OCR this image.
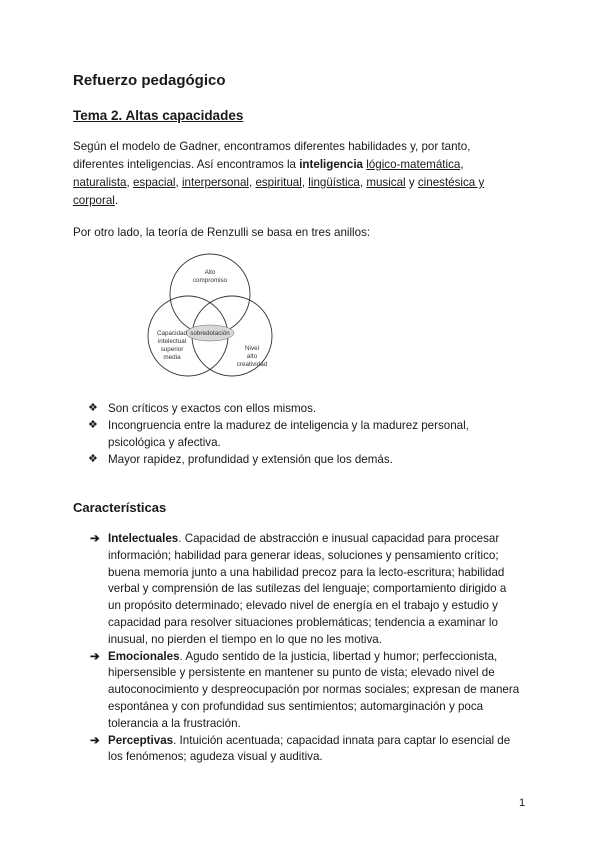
Refuerzo pedagógico
Tema 2. Altas capacidades
Según el modelo de Gadner, encontramos diferentes habilidades y, por tanto,
diferentes inteligencias. Así encontramos la inteligencia lógico-matemática,
naturalista, espacial, interpersonal, espiritual, lingüística, musical y cinestésica y
corporal.
Por otro lado, la teoría de Renzulli se basa en tres anillos:
Alto
compromiso
Capacidad
intelectual
superior
media
Nivel
alto
creatividad
sobredotación
❖ Son críticos y exactos con ellos mismos.
❖ Incongruencia entre la madurez de inteligencia y la madurez personal, psicológica y afectiva.
❖ Mayor rapidez, profundidad y extensión que los demás.
Características
➔ Intelectuales. Capacidad de abstracción e inusual capacidad para procesar información; habilidad para generar ideas, soluciones y pensamiento crítico; buena memoria junto a una habilidad precoz para la lecto-escritura; habilidad verbal y comprensión de las sutilezas del lenguaje; comportamiento dirigido a un propósito determinado; elevado nivel de energía en el trabajo y estudio y capacidad para resolver situaciones problemáticas; tendencia a examinar lo inusual, no pierden el tiempo en lo que no les motiva.
➔ Emocionales. Agudo sentido de la justicia, libertad y humor; perfeccionista, hipersensible y persistente en mantener su punto de vista; elevado nivel de autoconocimiento y despreocupación por normas sociales; expresan de manera espontánea y con profundidad sus sentimientos; automarginación y poca tolerancia a la frustración.
➔ Perceptivas. Intuición acentuada; capacidad innata para captar lo esencial de los fenómenos; agudeza visual y auditiva.
1
